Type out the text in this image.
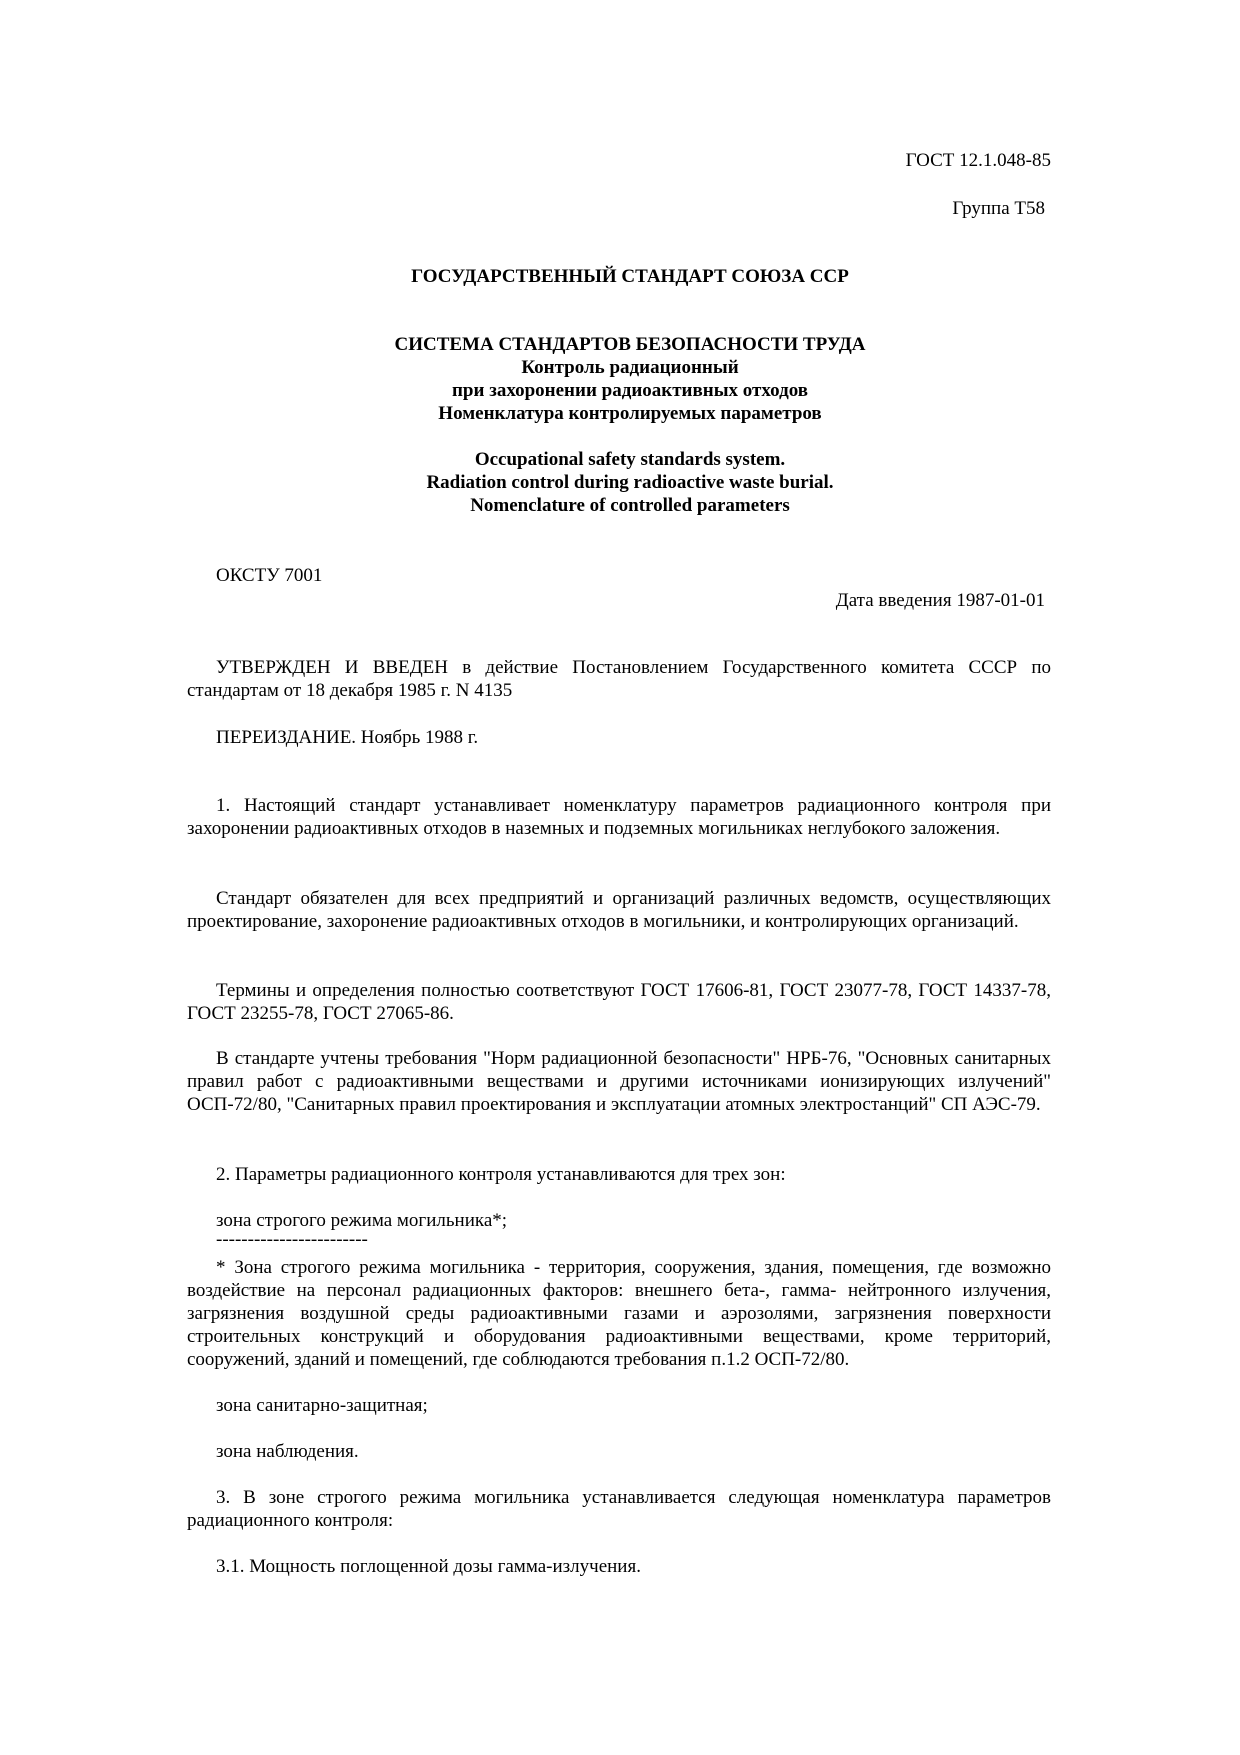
ГОСТ 12.1.048-85

Группа Т58

ГОСУДАРСТВЕННЫЙ СТАНДАРТ СОЮЗА ССР

СИСТЕМА СТАНДАРТОВ БЕЗОПАСНОСТИ ТРУДА
Контроль радиационный
при захоронении радиоактивных отходов
Номенклатура контролируемых параметров
Occupational safety standards system.
Radiation control during radioactive waste burial.
Nomenclature of controlled parameters

ОКСТУ 7001

Дата введения 1987-01-01

УТВЕРЖДЕН И ВВЕДЕН в действие Постановлением Государственного комитета СССР по стандартам от 18 декабря 1985 г. N 4135

ПЕРЕИЗДАНИЕ. Ноябрь 1988 г.

1. Настоящий стандарт устанавливает номенклатуру параметров радиационного контроля при захоронении радиоактивных отходов в наземных и подземных могильниках неглубокого заложения.

Стандарт обязателен для всех предприятий и организаций различных ведомств, осуществляющих проектирование, захоронение радиоактивных отходов в могильники, и контролирующих организаций.

Термины и определения полностью соответствуют ГОСТ 17606-81, ГОСТ 23077-78, ГОСТ 14337-78, ГОСТ 23255-78, ГОСТ 27065-86.

В стандарте учтены требования "Норм радиационной безопасности" НРБ-76, "Основных санитарных правил работ с радиоактивными веществами и другими источниками ионизирующих излучений" ОСП-72/80, "Санитарных правил проектирования и эксплуатации атомных электростанций" СП АЭС-79.

2. Параметры радиационного контроля устанавливаются для трех зон:

зона строгого режима могильника*;

------------------------

* Зона строгого режима могильника - территория, сооружения, здания, помещения, где возможно воздействие на персонал радиационных факторов: внешнего бета-, гамма- нейтронного излучения, загрязнения воздушной среды радиоактивными газами и аэрозолями, загрязнения поверхности строительных конструкций и оборудования радиоактивными веществами, кроме территорий, сооружений, зданий и помещений, где соблюдаются требования п.1.2 ОСП-72/80.

зона санитарно-защитная;

зона наблюдения.

3. В зоне строгого режима могильника устанавливается следующая номенклатура параметров радиационного контроля:

3.1. Мощность поглощенной дозы гамма-излучения.
